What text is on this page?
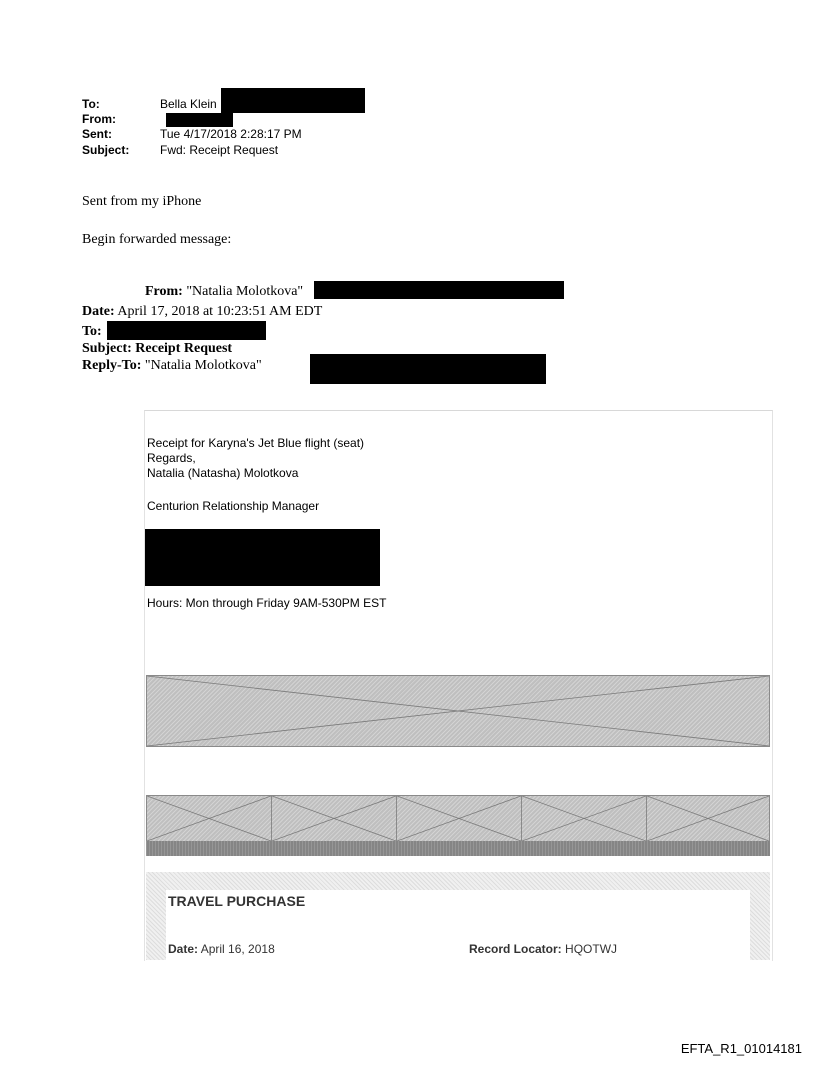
To:	Bella Klein
From:
Sent:	Tue 4/17/2018 2:28:17 PM
Subject:	Fwd: Receipt Request
Sent from my iPhone
Begin forwarded message:
From: "Natalia Molotkova"
Date: April 17, 2018 at 10:23:51 AM EDT
To:
Subject: Receipt Request
Reply-To: "Natalia Molotkova"
Receipt for Karyna's Jet Blue flight (seat)
Regards,
Natalia (Natasha) Molotkova
Centurion Relationship Manager
Hours: Mon through Friday 9AM-530PM EST
TRAVEL PURCHASE
Date: April 16, 2018	Record Locator: HQOTWJ
EFTA_R1_01014181
